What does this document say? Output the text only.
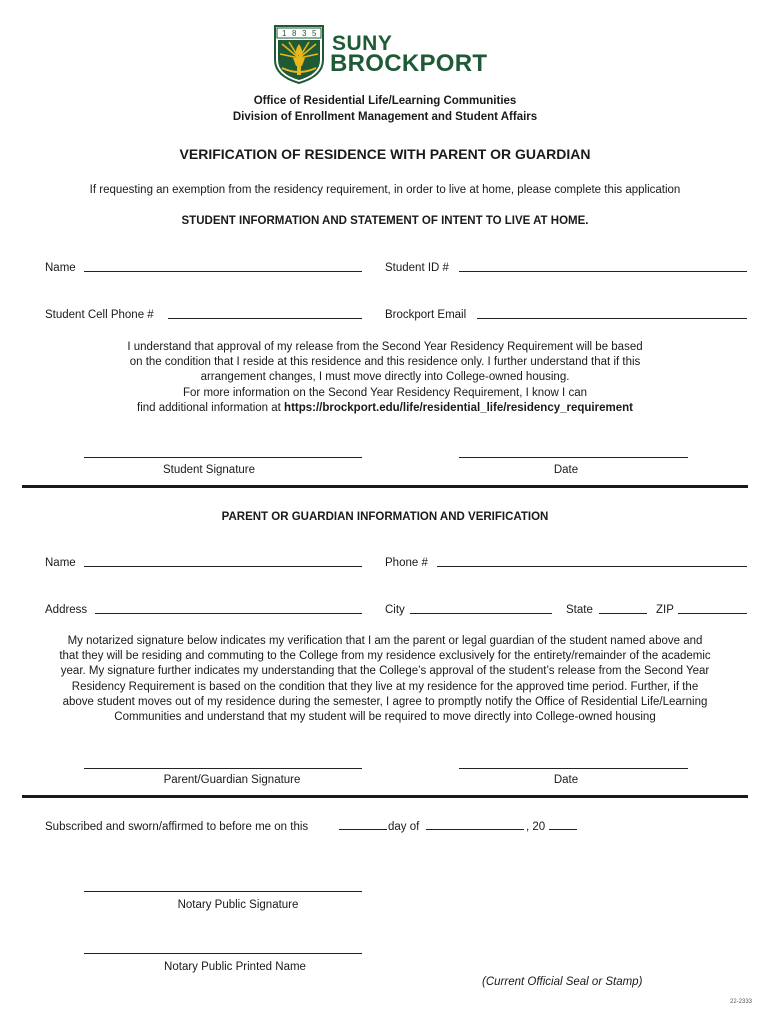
1 8 3 5 SUNY
BROCKPORT
Office of Residential Life/Learning Communities
Division of Enrollment Management and Student Affairs
VERIFICATION OF RESIDENCE WITH PARENT OR GUARDIAN
If requesting an exemption from the residency requirement, in order to live at home, please complete this application
STUDENT INFORMATION AND STATEMENT OF INTENT TO LIVE AT HOME.
Name	Student ID #
Student Cell Phone #	Brockport Email
I understand that approval of my release from the Second Year Residency Requirement will be based
on the condition that I reside at this residence and this residence only. I further understand that if this
arrangement changes, I must move directly into College-owned housing.
For more information on the Second Year Residency Requirement, I know I can
find additional information at https://brockport.edu/life/residential_life/residency_requirement
Student Signature	Date
PARENT OR GUARDIAN INFORMATION AND VERIFICATION
Name	Phone #
Address	City	State	ZIP
My notarized signature below indicates my verification that I am the parent or legal guardian of the student named above and
that they will be residing and commuting to the College from my residence exclusively for the entirety/remainder of the academic
year. My signature further indicates my understanding that the College’s approval of the student’s release from the Second Year
Residency Requirement is based on the condition that they live at my residence for the approved time period. Further, if the
above student moves out of my residence during the semester, I agree to promptly notify the Office of Residential Life/Learning
Communities and understand that my student will be required to move directly into College-owned housing
Parent/Guardian Signature	Date
Subscribed and sworn/affirmed to before me on this	day of	, 20
Notary Public Signature
Notary Public Printed Name
(Current Official Seal or Stamp)
22-2333
